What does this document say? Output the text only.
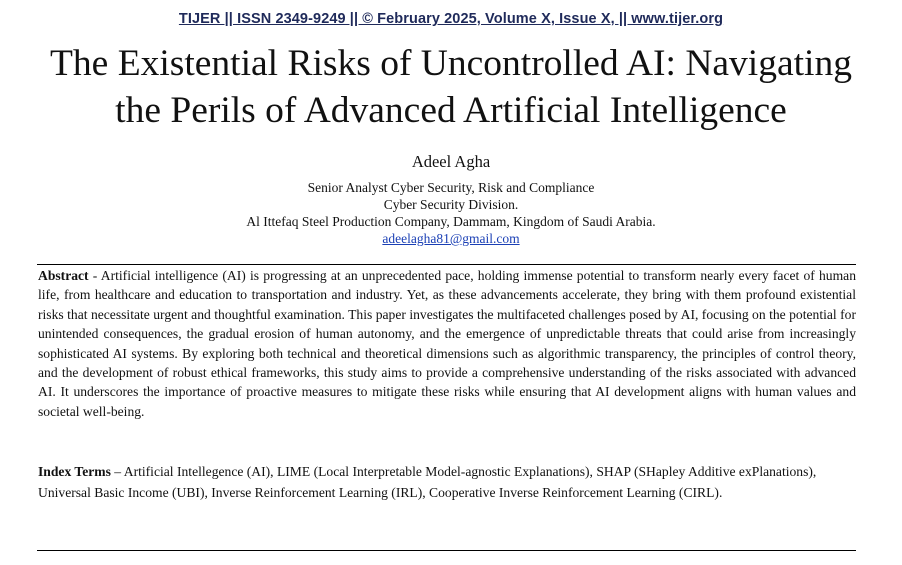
TIJER || ISSN 2349-9249 || © February 2025, Volume X, Issue X, || www.tijer.org
The Existential Risks of Uncontrolled AI: Navigating
the Perils of Advanced Artificial Intelligence
Adeel Agha
Senior Analyst Cyber Security, Risk and Compliance
Cyber Security Division.
Al Ittefaq Steel Production Company, Dammam, Kingdom of Saudi Arabia.
adeelagha81@gmail.com
Abstract - Artificial intelligence (AI) is progressing at an unprecedented pace, holding immense potential to transform nearly every facet of human life, from healthcare and education to transportation and industry. Yet, as these advancements accelerate, they bring with them profound existential risks that necessitate urgent and thoughtful examination. This paper investigates the multifaceted challenges posed by AI, focusing on the potential for unintended consequences, the gradual erosion of human autonomy, and the emergence of unpredictable threats that could arise from increasingly sophisticated AI systems. By exploring both technical and theoretical dimensions such as algorithmic transparency, the principles of control theory, and the development of robust ethical frameworks, this study aims to provide a comprehensive understanding of the risks associated with advanced AI. It underscores the importance of proactive measures to mitigate these risks while ensuring that AI development aligns with human values and societal well-being.
Index Terms – Artificial Intellegence (AI), LIME (Local Interpretable Model-agnostic Explanations), SHAP (SHapley Additive exPlanations), Universal Basic Income (UBI), Inverse Reinforcement Learning (IRL), Cooperative Inverse Reinforcement Learning (CIRL).
